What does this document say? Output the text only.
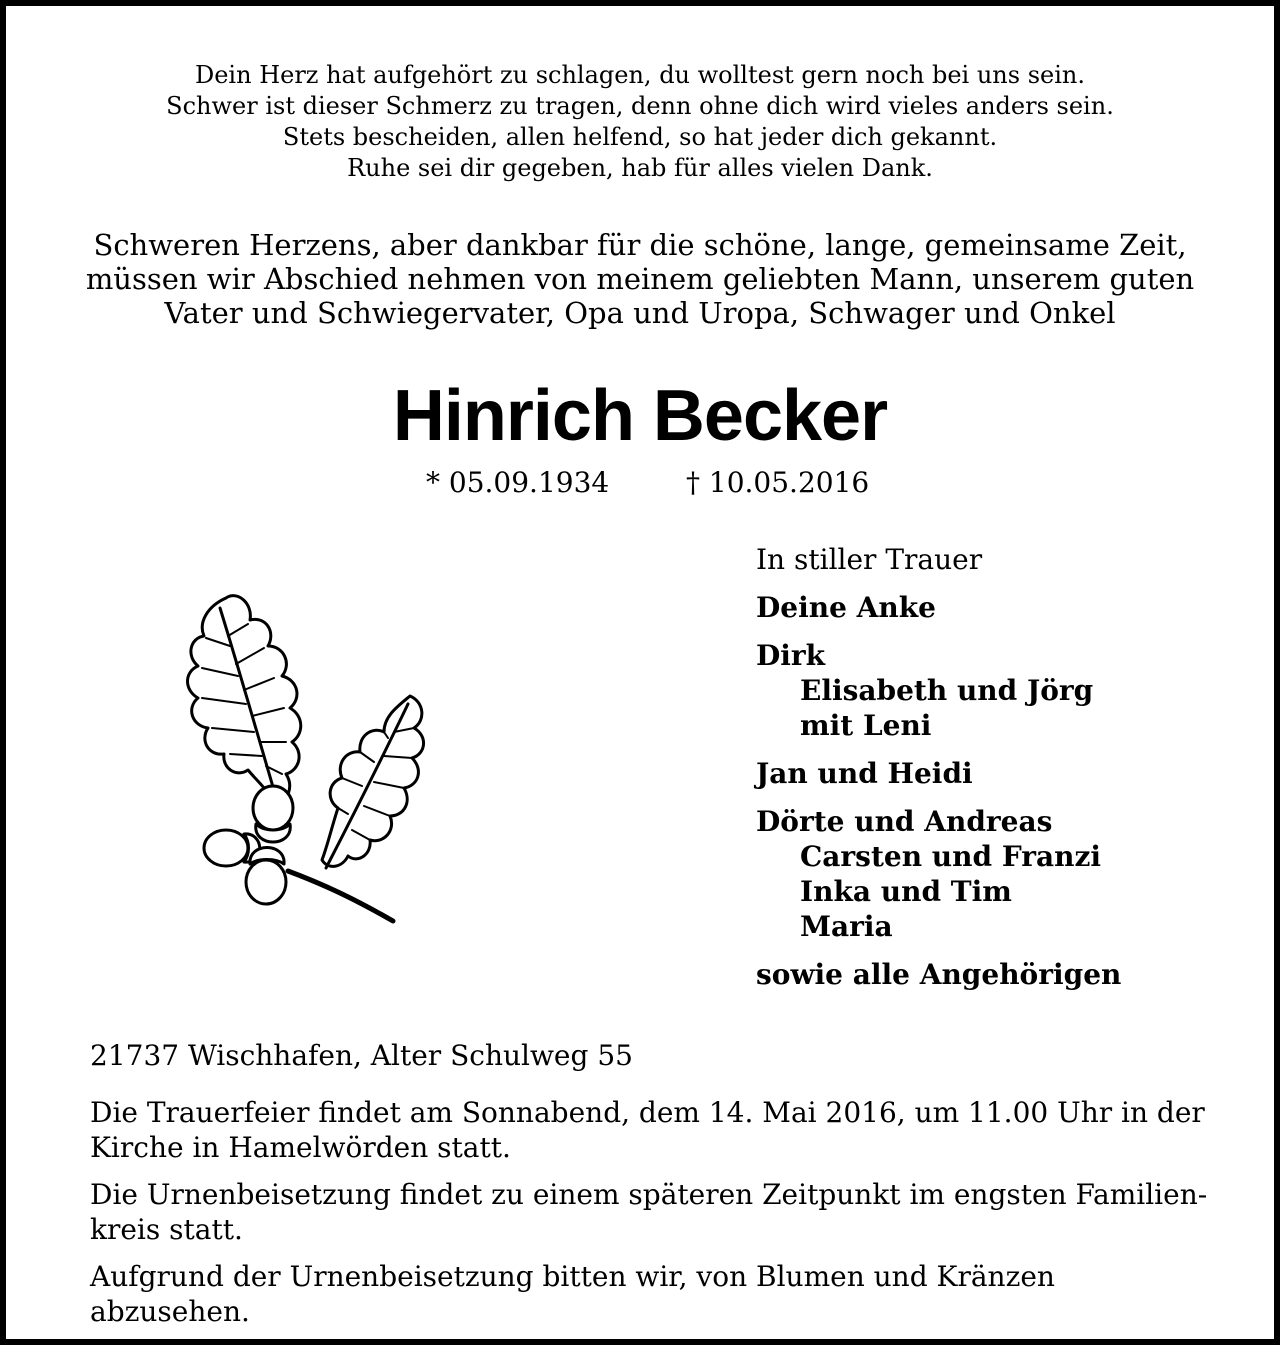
Dein Herz hat aufgehört zu schlagen, du wolltest gern noch bei uns sein.
Schwer ist dieser Schmerz zu tragen, denn ohne dich wird vieles anders sein.
Stets bescheiden, allen helfend, so hat jeder dich gekannt.
Ruhe sei dir gegeben, hab für alles vielen Dank.
Schweren Herzens, aber dankbar für die schöne, lange, gemeinsame Zeit,
müssen wir Abschied nehmen von meinem geliebten Mann, unserem guten
Vater und Schwiegervater, Opa und Uropa, Schwager und Onkel
Hinrich Becker
* 05.09.1934	† 10.05.2016
In stiller Trauer
Deine Anke
Dirk
Elisabeth und Jörg
mit Leni
Jan und Heidi
Dörte und Andreas
Carsten und Franzi
Inka und Tim
Maria
sowie alle Angehörigen
21737 Wischhafen, Alter Schulweg 55
Die Trauerfeier findet am Sonnabend, dem 14. Mai 2016, um 11.00 Uhr in der
Kirche in Hamelwörden statt.
Die Urnenbeisetzung findet zu einem späteren Zeitpunkt im engsten Familien-
kreis statt.
Aufgrund der Urnenbeisetzung bitten wir, von Blumen und Kränzen abzusehen.
